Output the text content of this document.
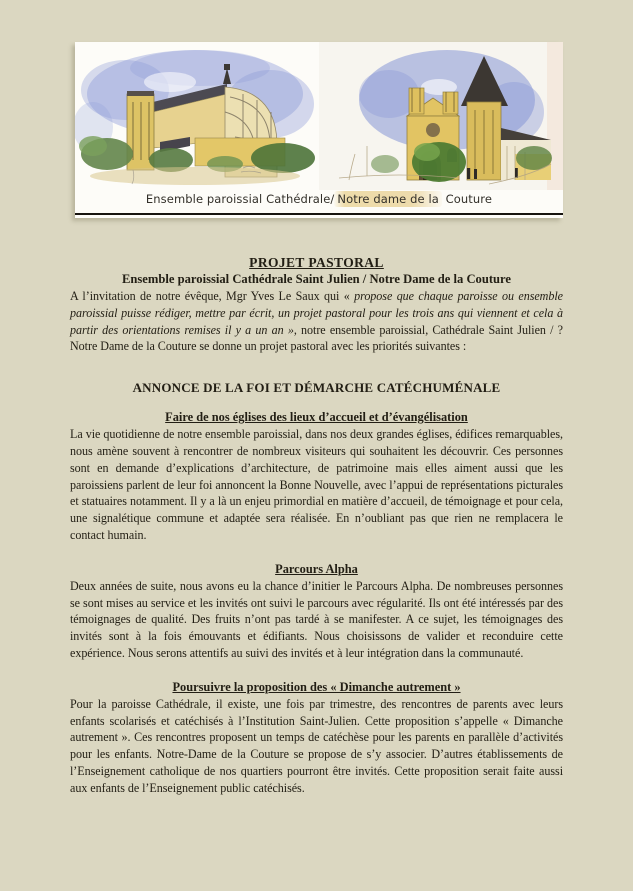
Ensemble paroissial Cathédrale/ Notre dame de la Couture

PROJET PASTORAL

Ensemble paroissial Cathédrale Saint Julien / Notre Dame de la Couture

A l’invitation de notre évêque, Mgr Yves Le Saux qui « propose que chaque paroisse ou ensemble paroissial puisse rédiger, mettre par écrit, un projet pastoral pour les trois ans qui viennent et cela à partir des orientations remises il y a un an », notre ensemble paroissial, Cathédrale Saint Julien / ? Notre Dame de la Couture se donne un projet pastoral avec les priorités suivantes :

ANNONCE DE LA FOI ET DÉMARCHE CATÉCHUMÉNALE

Faire de nos églises des lieux d’accueil et d’évangélisation

La vie quotidienne de notre ensemble paroissial, dans nos deux grandes églises, édifices remarquables, nous amène souvent à rencontrer de nombreux visiteurs qui souhaitent les découvrir. Ces personnes sont en demande d’explications d’architecture, de patrimoine mais elles aiment aussi que les paroissiens parlent de leur foi annoncent la Bonne Nouvelle, avec l’appui de représentations picturales et statuaires notamment. Il y a là un enjeu primordial en matière d’accueil, de témoignage et pour cela, une signalétique commune et adaptée sera réalisée. En n’oubliant pas que rien ne remplacera le contact humain.

Parcours Alpha

Deux années de suite, nous avons eu la chance d’initier le Parcours Alpha. De nombreuses personnes se sont mises au service et les invités ont suivi le parcours avec régularité. Ils ont été intéressés par des témoignages de qualité. Des fruits n’ont pas tardé à se manifester. A ce sujet, les témoignages des invités sont à la fois émouvants et édifiants. Nous choisissons de valider et reconduire cette expérience. Nous serons attentifs au suivi des invités et à leur intégration dans la communauté.

Poursuivre la proposition des « Dimanche autrement »

Pour la paroisse Cathédrale, il existe, une fois par trimestre, des rencontres de parents avec leurs enfants scolarisés et catéchisés à l’Institution Saint-Julien. Cette proposition s’appelle « Dimanche autrement ». Ces rencontres proposent un temps de catéchèse pour les parents en parallèle d’activités pour les enfants. Notre-Dame de la Couture se propose de s’y associer. D’autres établissements de l’Enseignement catholique de nos quartiers pourront être invités. Cette proposition serait faite aussi aux enfants de l’Enseignement public catéchisés.
